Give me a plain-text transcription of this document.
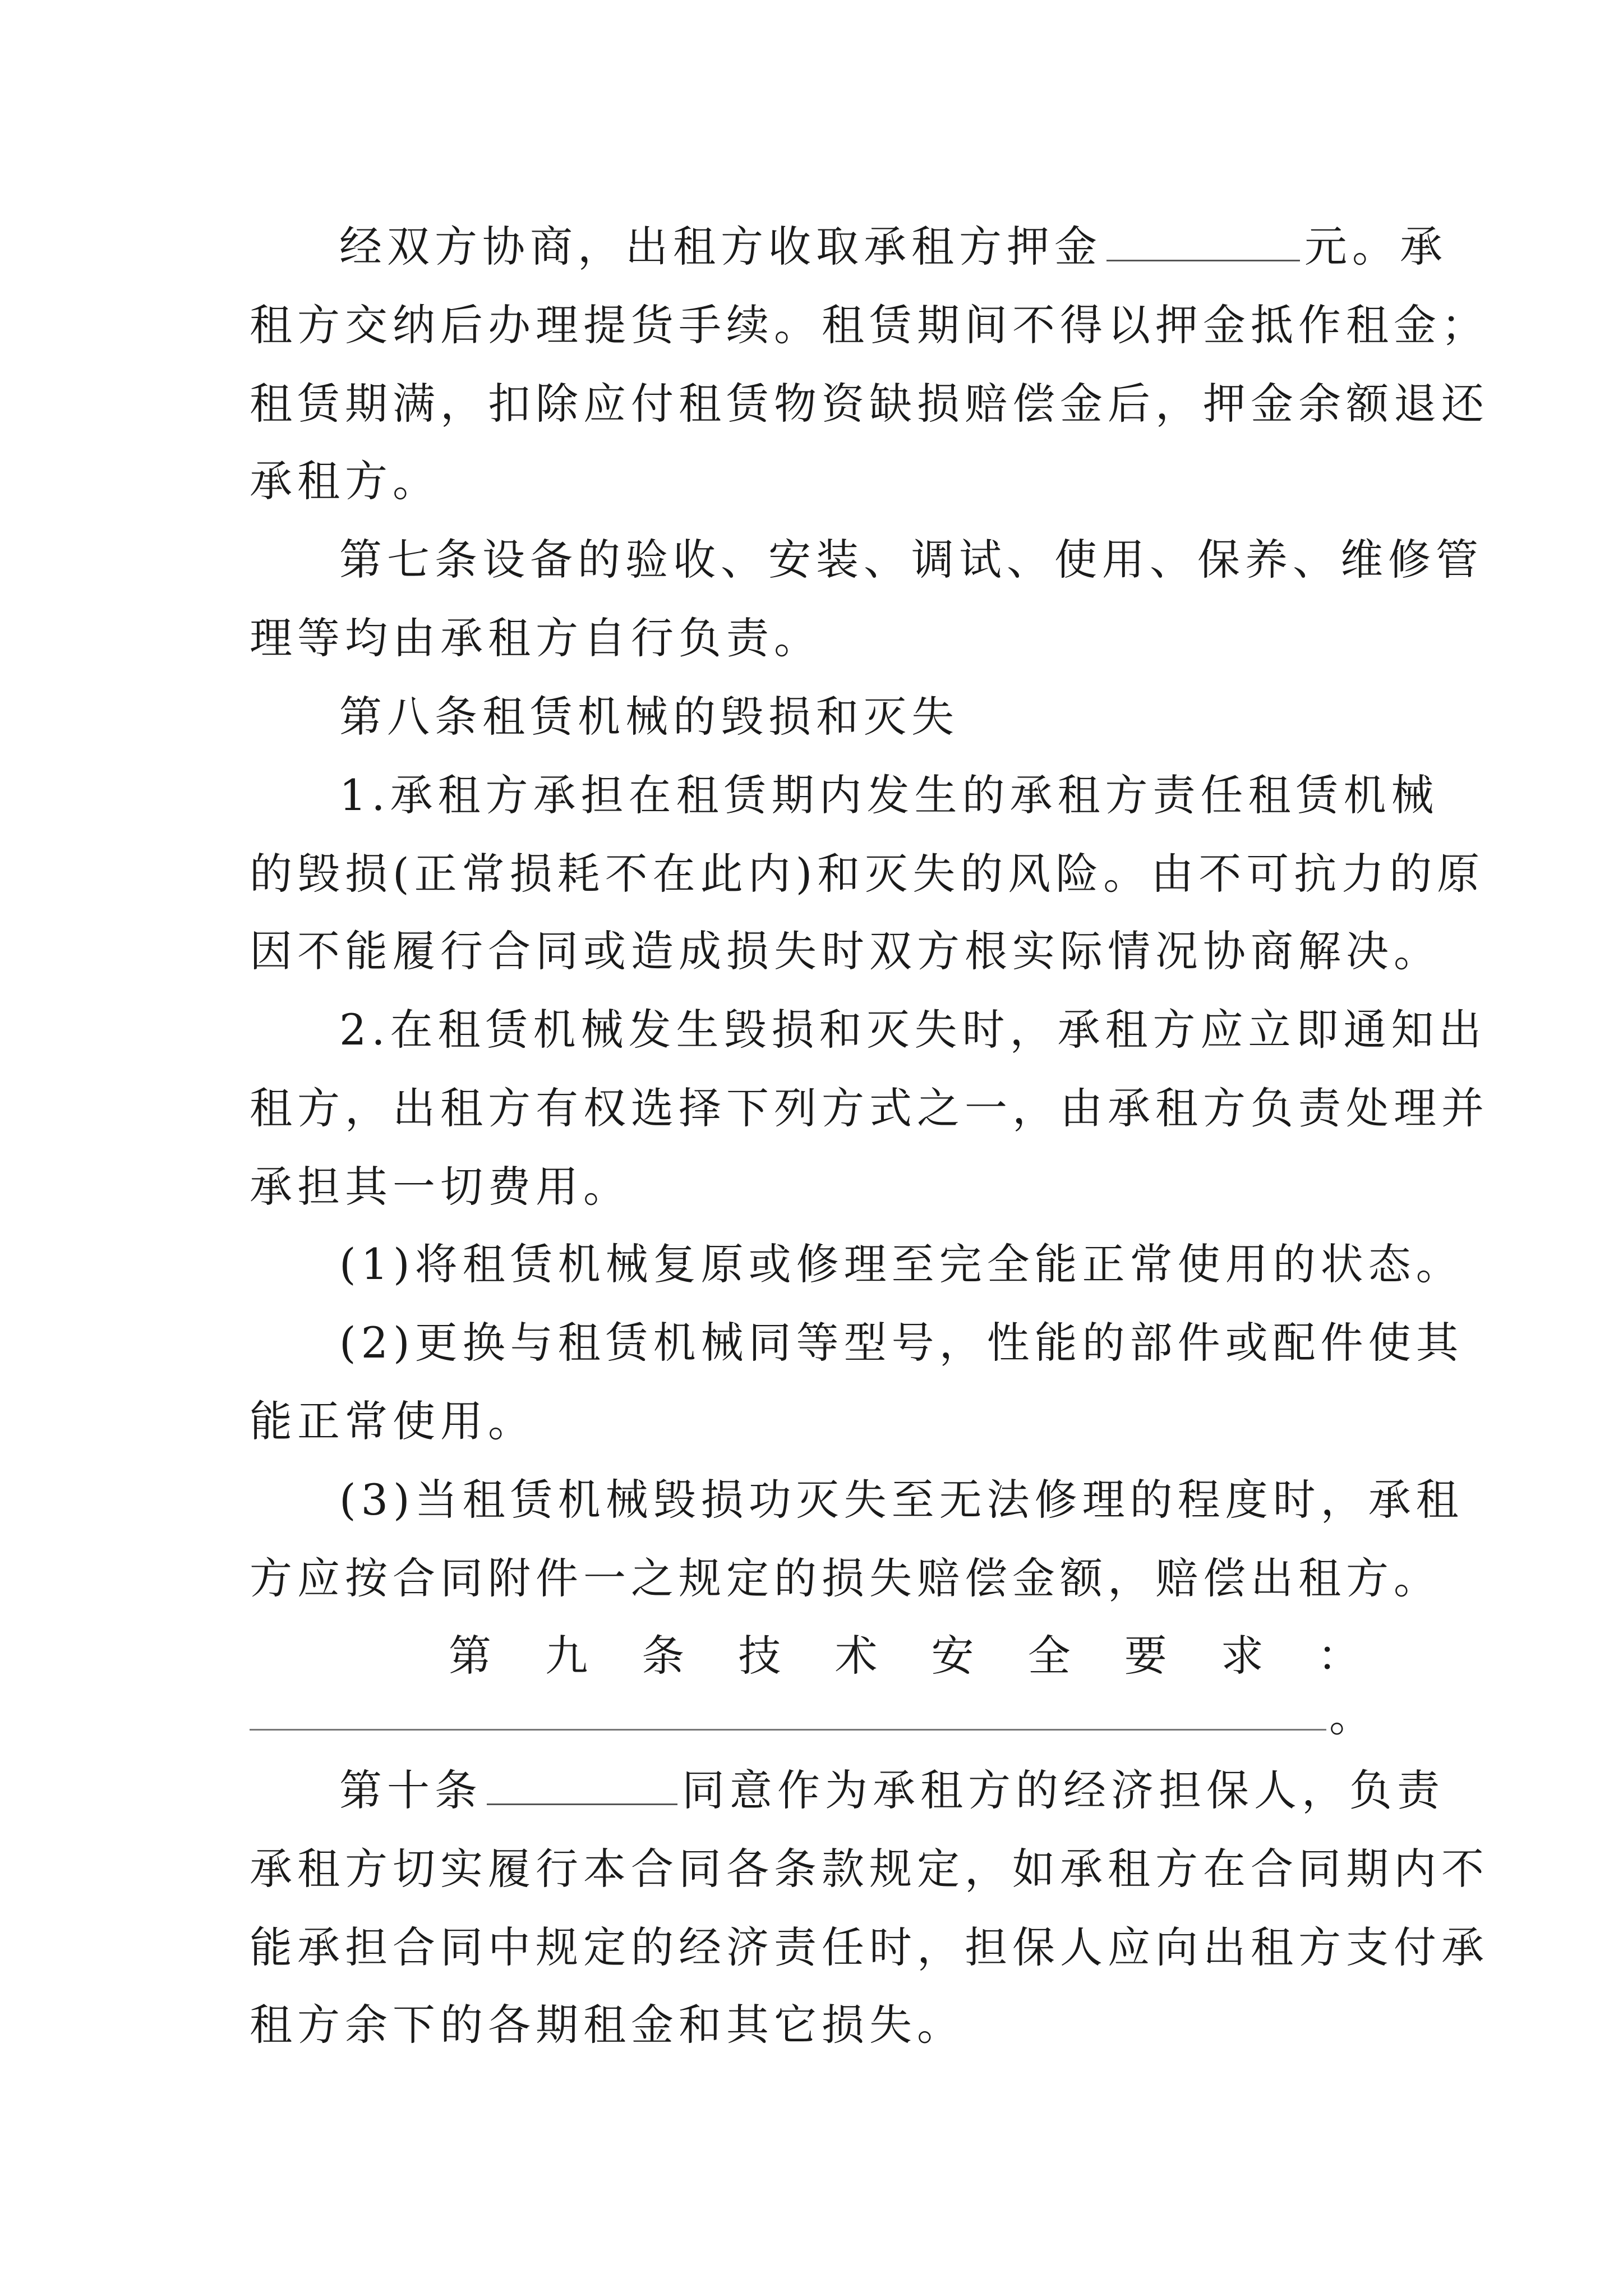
经双方协商，出租方收取承租方押金	元。承
租方交纳后办理提货手续。租赁期间不得以押金抵作租金；
租赁期满，扣除应付租赁物资缺损赔偿金后，押金余额退还
承租方。
第七条设备的验收、安装、调试、使用、保养、维修管
理等均由承租方自行负责。
第八条租赁机械的毁损和灭失
1.承租方承担在租赁期内发生的承租方责任租赁机械
的毁损(正常损耗不在此内)和灭失的风险。由不可抗力的原
因不能履行合同或造成损失时双方根实际情况协商解决。
2.在租赁机械发生毁损和灭失时，承租方应立即通知出
租方，出租方有权选择下列方式之一，由承租方负责处理并
承担其一切费用。
(1)将租赁机械复原或修理至完全能正常使用的状态。
(2)更换与租赁机械同等型号，性能的部件或配件使其
能正常使用。
(3)当租赁机械毁损功灭失至无法修理的程度时，承租
方应按合同附件一之规定的损失赔偿金额，赔偿出租方。
第九条技术安全要求：
。
第十条	同意作为承租方的经济担保人，负责
承租方切实履行本合同各条款规定，如承租方在合同期内不
能承担合同中规定的经济责任时，担保人应向出租方支付承
租方余下的各期租金和其它损失。
